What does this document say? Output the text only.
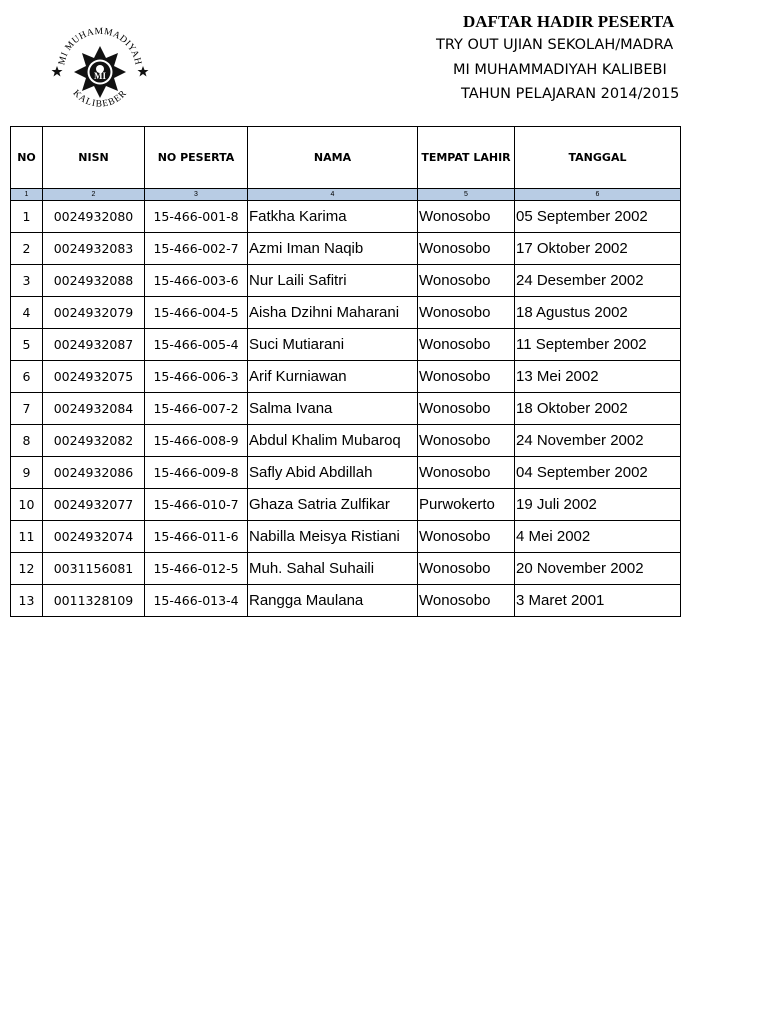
MI MUHAMMADIYAH
KALIBEBER
MI
DAFTAR HADIR PESERTA
TRY OUT UJIAN SEKOLAH/MADRA
MI MUHAMMADIYAH KALIBEBI
TAHUN PELAJARAN 2014/2015
NO	NISN	NO PESERTA	NAMA	TEMPAT LAHIR	TANGGAL
1	2	3	4	5	6
1	0024932080	15-466-001-8	Fatkha Karima	Wonosobo	05 September 2002
2	0024932083	15-466-002-7	Azmi Iman Naqib	Wonosobo	17 Oktober 2002
3	0024932088	15-466-003-6	Nur Laili Safitri	Wonosobo	24 Desember 2002
4	0024932079	15-466-004-5	Aisha Dzihni Maharani	Wonosobo	18 Agustus 2002
5	0024932087	15-466-005-4	Suci Mutiarani	Wonosobo	11 September 2002
6	0024932075	15-466-006-3	Arif Kurniawan	Wonosobo	13 Mei 2002
7	0024932084	15-466-007-2	Salma Ivana	Wonosobo	18 Oktober 2002
8	0024932082	15-466-008-9	Abdul Khalim Mubaroq	Wonosobo	24 November 2002
9	0024932086	15-466-009-8	Safly Abid Abdillah	Wonosobo	04 September 2002
10	0024932077	15-466-010-7	Ghaza Satria Zulfikar	Purwokerto	19 Juli 2002
11	0024932074	15-466-011-6	Nabilla Meisya Ristiani	Wonosobo	4 Mei 2002
12	0031156081	15-466-012-5	Muh. Sahal Suhaili	Wonosobo	20 November 2002
13	0011328109	15-466-013-4	Rangga Maulana	Wonosobo	3 Maret 2001
